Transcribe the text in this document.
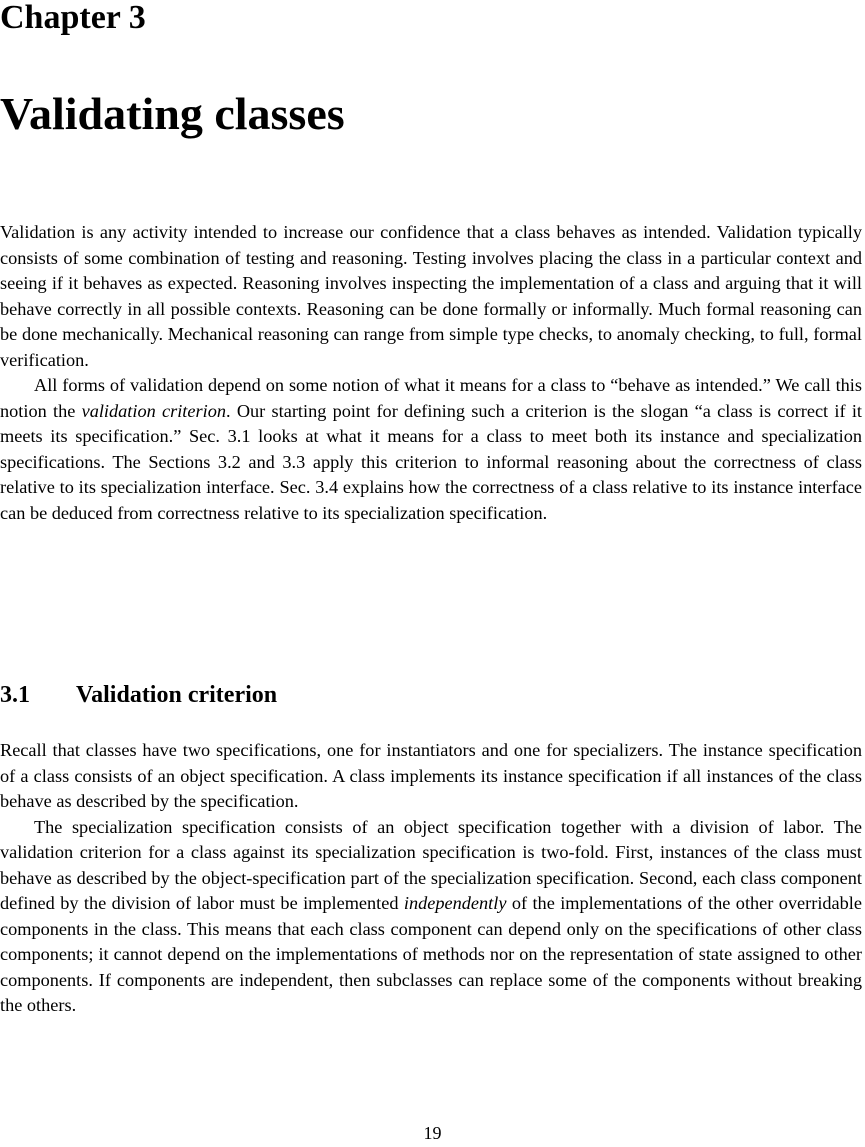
Chapter 3
Validating classes

Validation is any activity intended to increase our confidence that a class behaves as intended. Validation typically consists of some combination of testing and reasoning. Testing involves placing the class in a particular context and seeing if it behaves as expected. Reasoning involves inspecting the implementation of a class and arguing that it will behave correctly in all possible contexts. Reasoning can be done formally or informally. Much formal reasoning can be done mechanically. Mechanical reasoning can range from simple type checks, to anomaly checking, to full, formal verification.

All forms of validation depend on some notion of what it means for a class to “behave as intended.” We call this notion the validation criterion. Our starting point for defining such a criterion is the slogan “a class is correct if it meets its specification.” Sec. 3.1 looks at what it means for a class to meet both its instance and specialization specifications. The Sections 3.2 and 3.3 apply this criterion to informal reasoning about the correctness of class relative to its specialization interface. Sec. 3.4 explains how the correctness of a class relative to its instance interface can be deduced from correctness relative to its specialization specification.

3.1 Validation criterion

Recall that classes have two specifications, one for instantiators and one for specializers. The instance specification of a class consists of an object specification. A class implements its instance specification if all instances of the class behave as described by the specification.

The specialization specification consists of an object specification together with a division of labor. The validation criterion for a class against its specialization specification is two-fold. First, instances of the class must behave as described by the object-specification part of the specialization specification. Second, each class component defined by the division of labor must be implemented independently of the implementations of the other overridable components in the class. This means that each class component can depend only on the specifications of other class components; it cannot depend on the implementations of methods nor on the representation of state assigned to other components. If components are independent, then subclasses can replace some of the components without breaking the others.

19
